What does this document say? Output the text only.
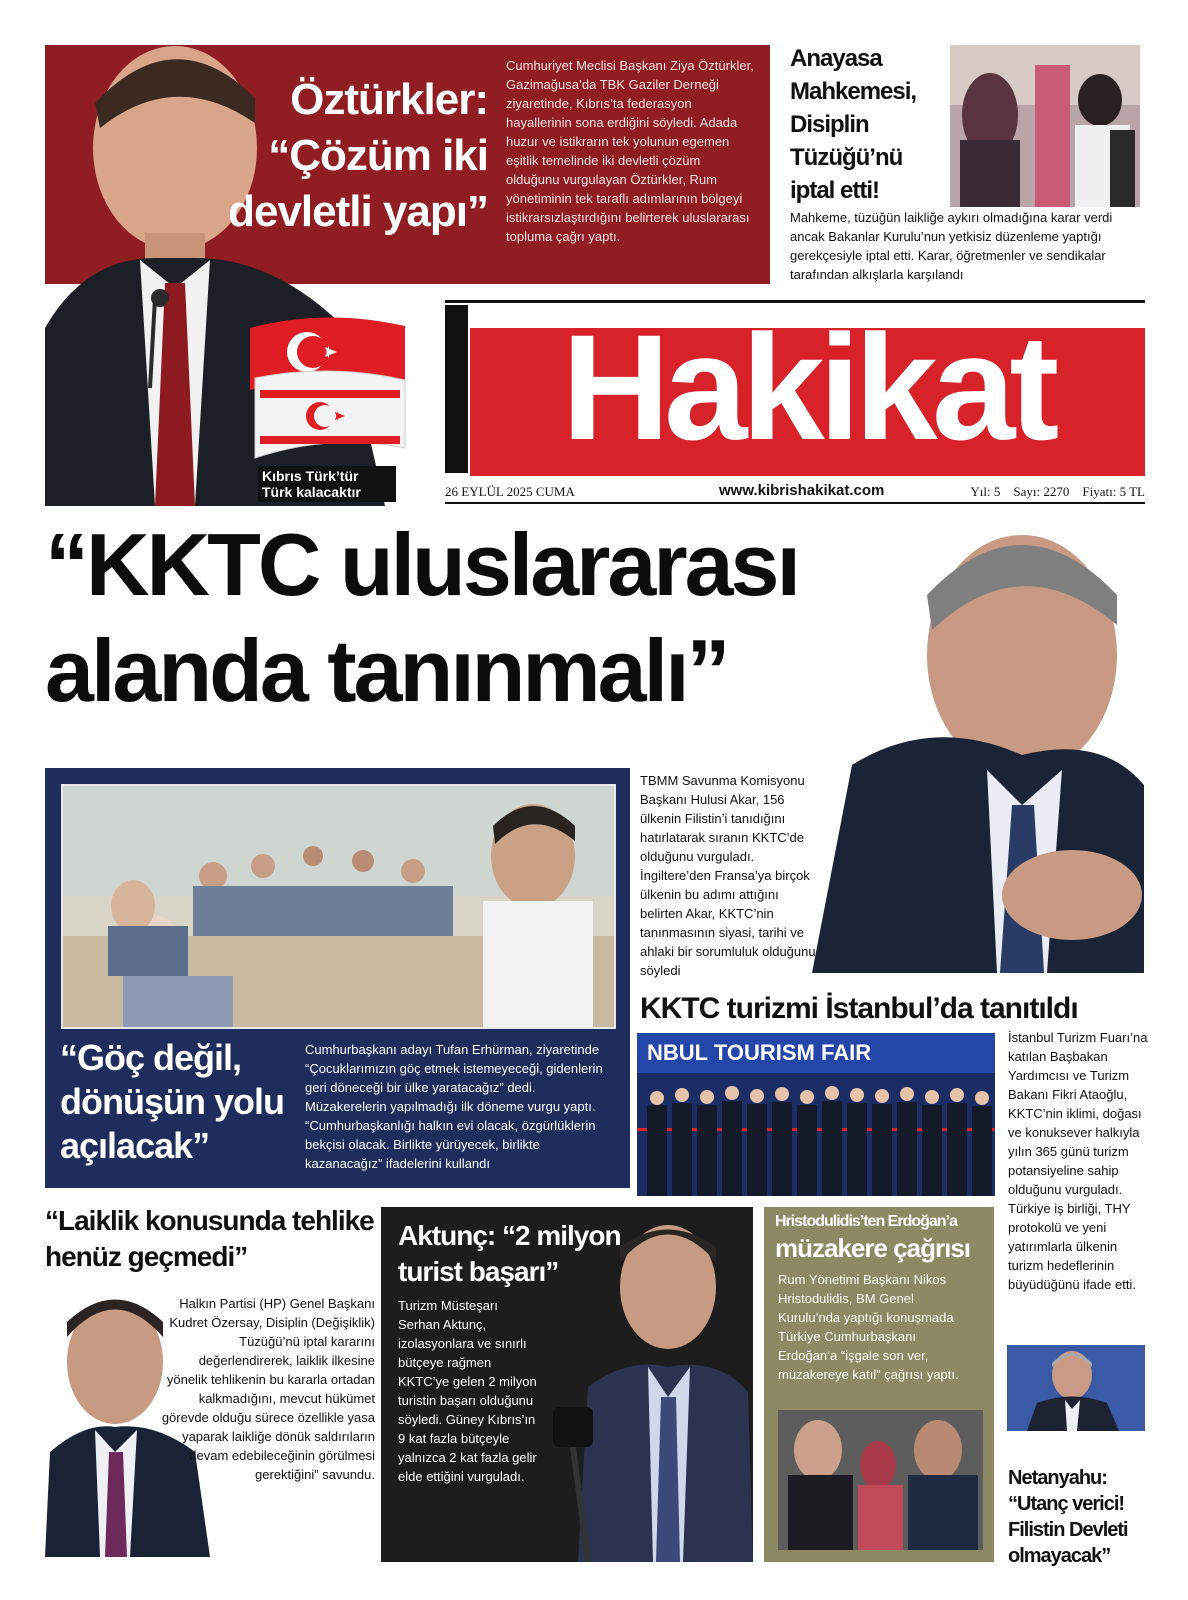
Öztürkler:
“Çözüm iki
devletli yapı”
Cumhuriyet Meclisi Başkanı Ziya Öztürkler, Gazimağusa’da TBK Gaziler Derneği ziyaretinde, Kıbrıs’ta federasyon hayallerinin sona erdiğini söyledi. Adada huzur ve istikrarın tek yolunun egemen eşitlik temelinde iki devletli çözüm olduğunu vurgulayan Öztürkler, Rum yönetiminin tek taraflı adımlarının bölgeyi istikrarsızlaştırdığını belirterek uluslararası topluma çağrı yaptı.
Anayasa Mahkemesi, Disiplin Tüzüğü’nü iptal etti!
Mahkeme, tüzüğün laikliğe aykırı olmadığına karar verdi ancak Bakanlar Kurulu’nun yetkisiz düzenleme yaptığı gerekçesiyle iptal etti. Karar, öğretmenler ve sendikalar tarafından alkışlarla karşılandı
Hakikat
Kıbrıs Türk’tür
Türk kalacaktır	26 EYLÜL 2025 CUMA	www.kibrishakikat.com	Yıl: 5 Sayı: 2270 Fiyatı: 5 TL
“KKTC uluslararası
alanda tanınmalı”
TBMM Savunma Komisyonu Başkanı Hulusi Akar, 156 ülkenin Filistin’i tanıdığını hatırlatarak sıranın KKTC’de olduğunu vurguladı. İngiltere’den Fransa’ya birçok ülkenin bu adımı attığını belirten Akar, KKTC’nin tanınmasının siyasi, tarihi ve ahlaki bir sorumluluk olduğunu söyledi
“Göç değil, dönüşün yolu açılacak”
Cumhurbaşkanı adayı Tufan Erhürman, ziyaretinde “Çocuklarımızın göç etmek istemeyeceği, gidenlerin geri döneceği bir ülke yaratacağız” dedi. Müzakerelerin yapılmadığı ilk döneme vurgu yaptı. “Cumhurbaşkanlığı halkın evi olacak, özgürlüklerin bekçisi olacak. Birlikte yürüyecek, birlikte kazanacağız” ifadelerini kullandı
KKTC turizmi İstanbul’da tanıtıldı
NBUL TOURISM FAIR
İstanbul Turizm Fuarı’na katılan Başbakan Yardımcısı ve Turizm Bakanı Fikri Ataoğlu, KKTC’nin iklimi, doğası ve konuksever halkıyla yılın 365 günü turizm potansiyeline sahip olduğunu vurguladı. Türkiye iş birliği, THY protokolü ve yeni yatırımlarla ülkenin turizm hedeflerinin büyüdüğünü ifade etti.
“Laiklik konusunda tehlike henüz geçmedi”
Halkın Partisi (HP) Genel Başkanı Kudret Özersay, Disiplin (Değişiklik) Tüzüğü’nü iptal kararını değerlendirerek, laiklik ilkesine yönelik tehlikenin bu kararla ortadan kalkmadığını, mevcut hükümet görevde olduğu sürece özellikle yasa yaparak laikliğe dönük saldırıların devam edebileceğinin görülmesi gerektiğini” savundu.
Aktunç: “2 milyon turist başarı”
Turizm Müsteşarı Serhan Aktunç, izolasyonlara ve sınırlı bütçeye rağmen KKTC’ye gelen 2 milyon turistin başarı olduğunu söyledi. Güney Kıbrıs’ın 9 kat fazla bütçeyle yalnızca 2 kat fazla gelir elde ettiğini vurguladı.
Hristodulidis’ten Erdoğan’a
müzakere çağrısı
Rum Yönetimi Başkanı Nikos Hristodulidis, BM Genel Kurulu’nda yaptığı konuşmada Türkiye Cumhurbaşkanı Erdoğan’a “işgale son ver, müzakereye katıl” çağrısı yaptı.
Netanyahu: “Utanç verici! Filistin Devleti olmayacak”
